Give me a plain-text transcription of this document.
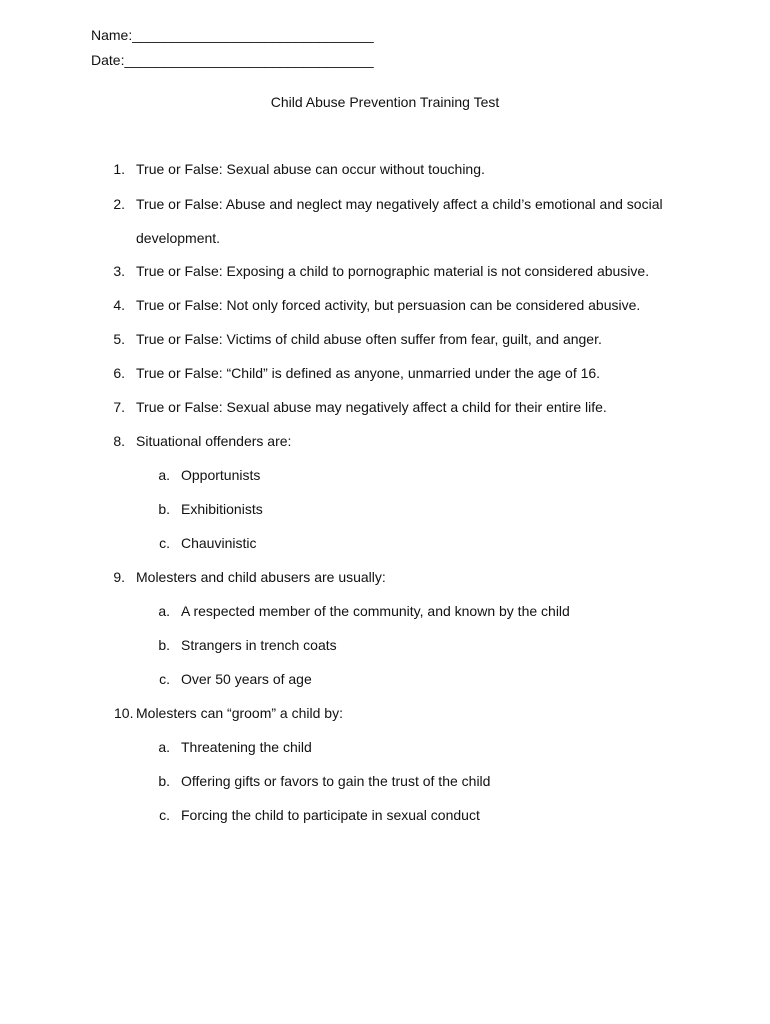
Name:_______________________________
Date:________________________________
Child Abuse Prevention Training Test
1. True or False: Sexual abuse can occur without touching.
2. True or False: Abuse and neglect may negatively affect a child’s emotional and social development.
3. True or False: Exposing a child to pornographic material is not considered abusive.
4. True or False: Not only forced activity, but persuasion can be considered abusive.
5. True or False: Victims of child abuse often suffer from fear, guilt, and anger.
6. True or False: “Child” is defined as anyone, unmarried under the age of 16.
7. True or False: Sexual abuse may negatively affect a child for their entire life.
8. Situational offenders are:
a. Opportunists
b. Exhibitionists
c. Chauvinistic
9. Molesters and child abusers are usually:
a. A respected member of the community, and known by the child
b. Strangers in trench coats
c. Over 50 years of age
10. Molesters can “groom” a child by:
a. Threatening the child
b. Offering gifts or favors to gain the trust of the child
c. Forcing the child to participate in sexual conduct
